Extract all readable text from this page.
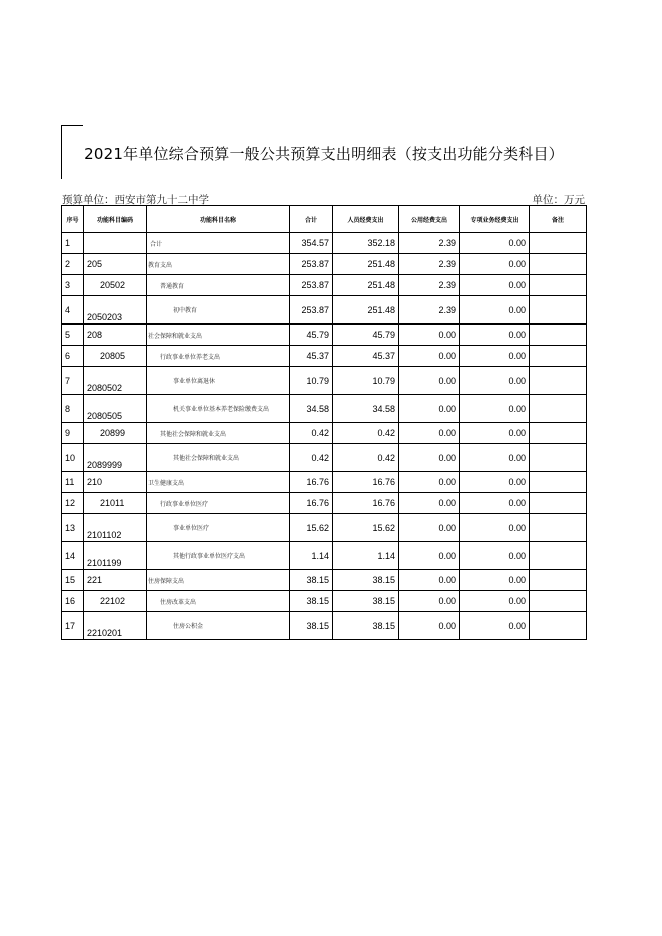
2021年单位综合预算一般公共预算支出明细表（按支出功能分类科目）
预算单位：西安市第九十二中学	单位：万元
序号	功能科目编码	功能科目名称	合计	人员经费支出	公用经费支出	专项业务经费支出	备注
1		合计	354.57	352.18	2.39	0.00	
2	205	教育支出	253.87	251.48	2.39	0.00	
3	20502	普通教育	253.87	251.48	2.39	0.00	
4	2050203	初中教育	253.87	251.48	2.39	0.00	
5	208	社会保障和就业支出	45.79	45.79	0.00	0.00	
6	20805	行政事业单位养老支出	45.37	45.37	0.00	0.00	
7	2080502	事业单位离退休	10.79	10.79	0.00	0.00	
8	2080505	机关事业单位基本养老保险缴费支出	34.58	34.58	0.00	0.00	
9	20899	其他社会保障和就业支出	0.42	0.42	0.00	0.00	
10	2089999	其他社会保障和就业支出	0.42	0.42	0.00	0.00	
11	210	卫生健康支出	16.76	16.76	0.00	0.00	
12	21011	行政事业单位医疗	16.76	16.76	0.00	0.00	
13	2101102	事业单位医疗	15.62	15.62	0.00	0.00	
14	2101199	其他行政事业单位医疗支出	1.14	1.14	0.00	0.00	
15	221	住房保障支出	38.15	38.15	0.00	0.00	
16	22102	住房改革支出	38.15	38.15	0.00	0.00	
17	2210201	住房公积金	38.15	38.15	0.00	0.00	
